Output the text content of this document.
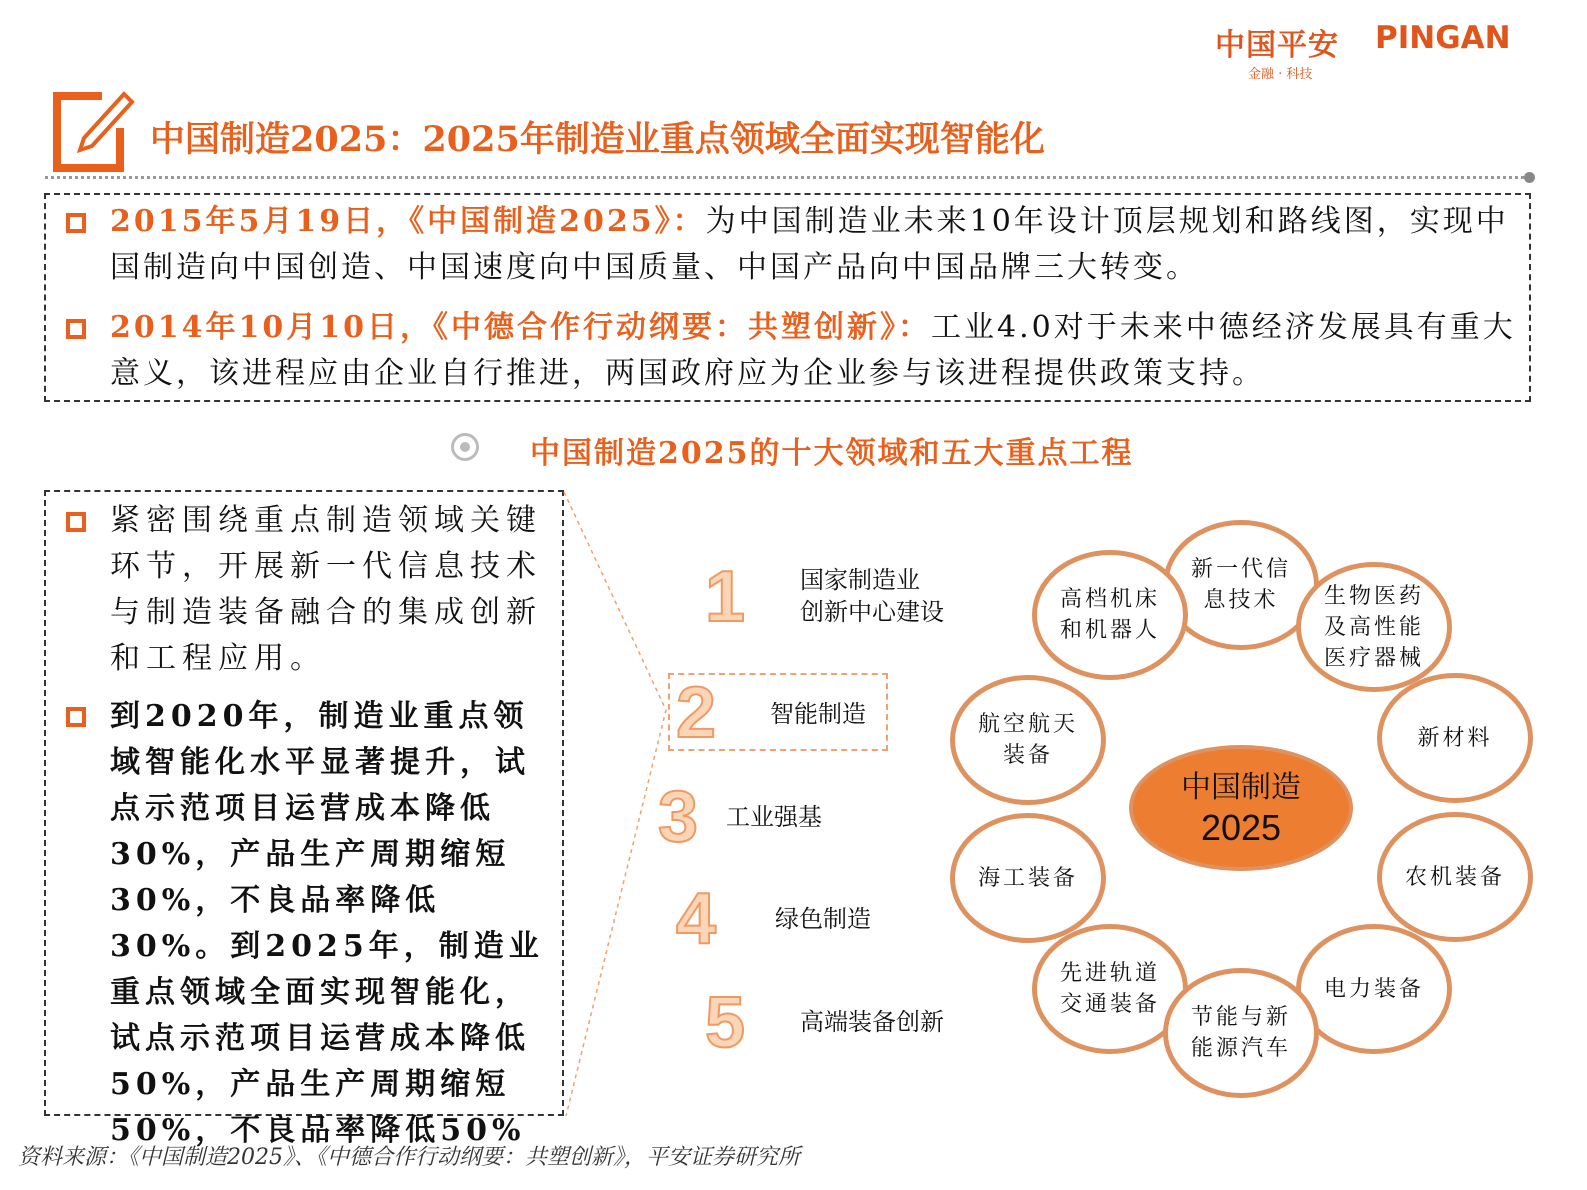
中国平安 PINGAN
金融 · 科技
中国制造2025：2025年制造业重点领域全面实现智能化
2015年5月19日，《中国制造2025》：为中国制造业未来10年设计顶层规划和路线图，实现中国制造向中国创造、中国速度向中国质量、中国产品向中国品牌三大转变。
2014年10月10日，《中德合作行动纲要：共塑创新》：工业4.0对于未来中德经济发展具有重大意义，该进程应由企业自行推进，两国政府应为企业参与该进程提供政策支持。
中国制造2025的十大领域和五大重点工程
紧密围绕重点制造领域关键环节，开展新一代信息技术与制造装备融合的集成创新和工程应用。
到2020年，制造业重点领域智能化水平显著提升，试点示范项目运营成本降低30%，产品生产周期缩短30%，不良品率降低30%。到2025年，制造业重点领域全面实现智能化，试点示范项目运营成本降低50%，产品生产周期缩短50%，不良品率降低50%
1 国家制造业
创新中心建设
2 智能制造
3 工业强基
4 绿色制造
5 高端装备创新
新一代信息技术
高档机床和机器人
生物医药及高性能医疗器械
新材料
航空航天装备
海工装备	农机装备
先进轨道交通装备
电力装备
节能与新能源汽车
中国制造
2025
资料来源：《中国制造2025》、《中德合作行动纲要：共塑创新》，平安证券研究所
